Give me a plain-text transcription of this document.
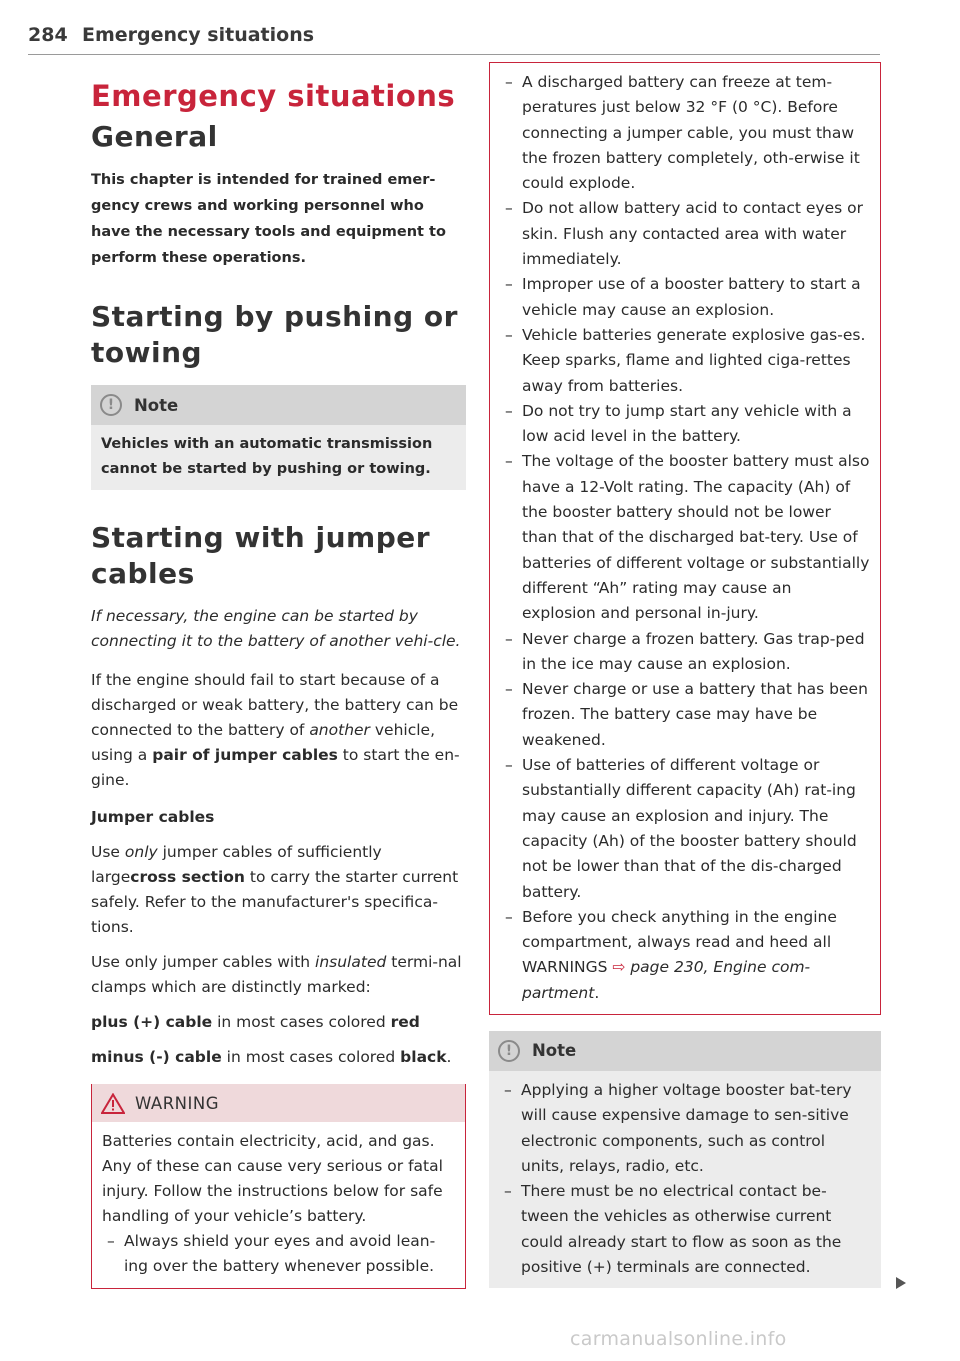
284 Emergency situations
Emergency situations
General
This chapter is intended for trained emer-gency crews and working personnel who have the necessary tools and equipment to perform these operations.
Starting by pushing or towing
!	Note
Vehicles with an automatic transmission cannot be started by pushing or towing.
Starting with jumper cables

If necessary, the engine can be started by connecting it to the battery of another vehi-cle.

If the engine should fail to start because of a discharged or weak battery, the battery can be connected to the battery of another vehicle, using a pair of jumper cables to start the en-gine.

Jumper cables

Use only jumper cables of sufficiently largecross section to carry the starter current safely. Refer to the manufacturer's specifica-tions.

Use only jumper cables with insulated termi-nal clamps which are distinctly marked:

plus (+) cable in most cases colored red

minus (-) cable in most cases colored black.

WARNING

Batteries contain electricity, acid, and gas. Any of these can cause very serious or fatal injury. Follow the instructions below for safe handling of your vehicle’s battery.

– Always shield your eyes and avoid lean-ing over the battery whenever possible.
– A discharged battery can freeze at tem-peratures just below 32 °F (0 °C). Before connecting a jumper cable, you must thaw the frozen battery completely, oth-erwise it could explode.
– Do not allow battery acid to contact eyes or skin. Flush any contacted area with water immediately.
– Improper use of a booster battery to start a vehicle may cause an explosion.
– Vehicle batteries generate explosive gas-es. Keep sparks, flame and lighted ciga-rettes away from batteries.
– Do not try to jump start any vehicle with a low acid level in the battery.
– The voltage of the booster battery must also have a 12-Volt rating. The capacity (Ah) of the booster battery should not be lower than that of the discharged bat-tery. Use of batteries of different voltage or substantially different “Ah” rating may cause an explosion and personal in-jury.
– Never charge a frozen battery. Gas trap-ped in the ice may cause an explosion.
– Never charge or use a battery that has been frozen. The battery case may have be weakened.
– Use of batteries of different voltage or substantially different capacity (Ah) rat-ing may cause an explosion and injury. The capacity (Ah) of the booster battery should not be lower than that of the dis-charged battery.
– Before you check anything in the engine compartment, always read and heed all WARNINGS ⇨ page 230, Engine com-partment.
!	Note
– Applying a higher voltage booster bat-tery will cause expensive damage to sen-sitive electronic components, such as control units, relays, radio, etc.
– There must be no electrical contact be-tween the vehicles as otherwise current could already start to flow as soon as the positive (+) terminals are connected.
carmanualsonline.info
